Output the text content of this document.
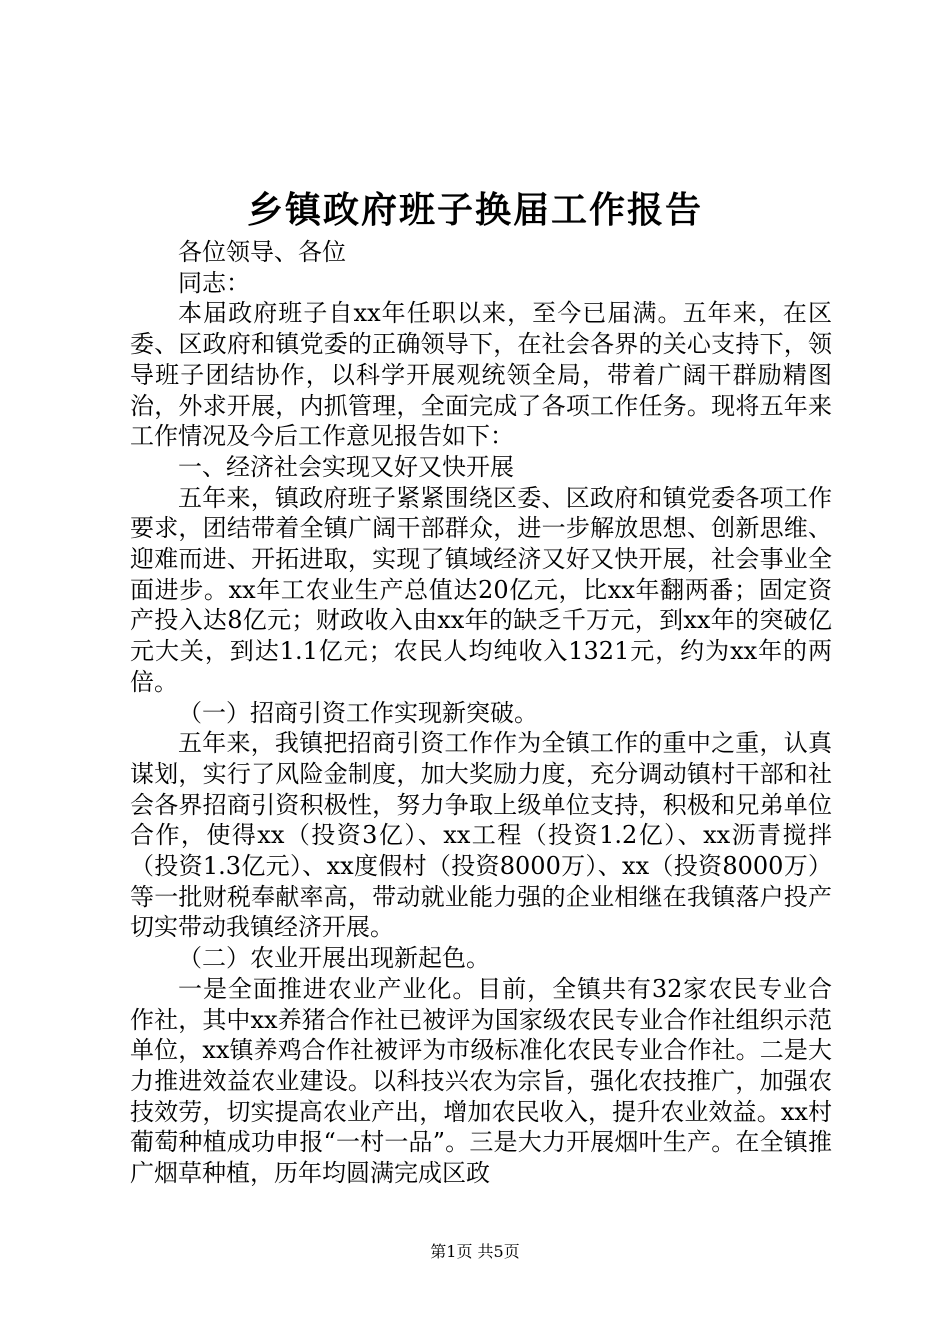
乡镇政府班子换届工作报告

各位领导、各位

同志：

本届政府班子自xx年任职以来，至今已届满。五年来，在区委、区政府和镇党委的正确领导下，在社会各界的关心支持下，领导班子团结协作，以科学开展观统领全局，带着广阔干群励精图治，外求开展，内抓管理，全面完成了各项工作任务。现将五年来工作情况及今后工作意见报告如下：

一、经济社会实现又好又快开展

五年来，镇政府班子紧紧围绕区委、区政府和镇党委各项工作要求，团结带着全镇广阔干部群众，进一步解放思想、创新思维、迎难而进、开拓进取，实现了镇域经济又好又快开展，社会事业全面进步。xx年工农业生产总值达20亿元，比xx年翻两番；固定资产投入达8亿元；财政收入由xx年的缺乏千万元，到xx年的突破亿元大关，到达1.1亿元；农民人均纯收入1321元，约为xx年的两倍。

（一）招商引资工作实现新突破。

五年来，我镇把招商引资工作作为全镇工作的重中之重，认真谋划，实行了风险金制度，加大奖励力度，充分调动镇村干部和社会各界招商引资积极性，努力争取上级单位支持，积极和兄弟单位合作，使得xx（投资3亿）、xx工程（投资1.2亿）、xx沥青搅拌（投资1.3亿元）、xx度假村（投资8000万）、xx（投资8000万）等一批财税奉献率高，带动就业能力强的企业相继在我镇落户投产切实带动我镇经济开展。

（二）农业开展出现新起色。

一是全面推进农业产业化。目前，全镇共有32家农民专业合作社，其中xx养猪合作社已被评为国家级农民专业合作社组织示范单位，xx镇养鸡合作社被评为市级标准化农民专业合作社。二是大力推进效益农业建设。以科技兴农为宗旨，强化农技推广，加强农技效劳，切实提高农业产出，增加农民收入，提升农业效益。xx村葡萄种植成功申报“一村一品”。三是大力开展烟叶生产。在全镇推广烟草种植，历年均圆满完成区政

第1页 共5页
